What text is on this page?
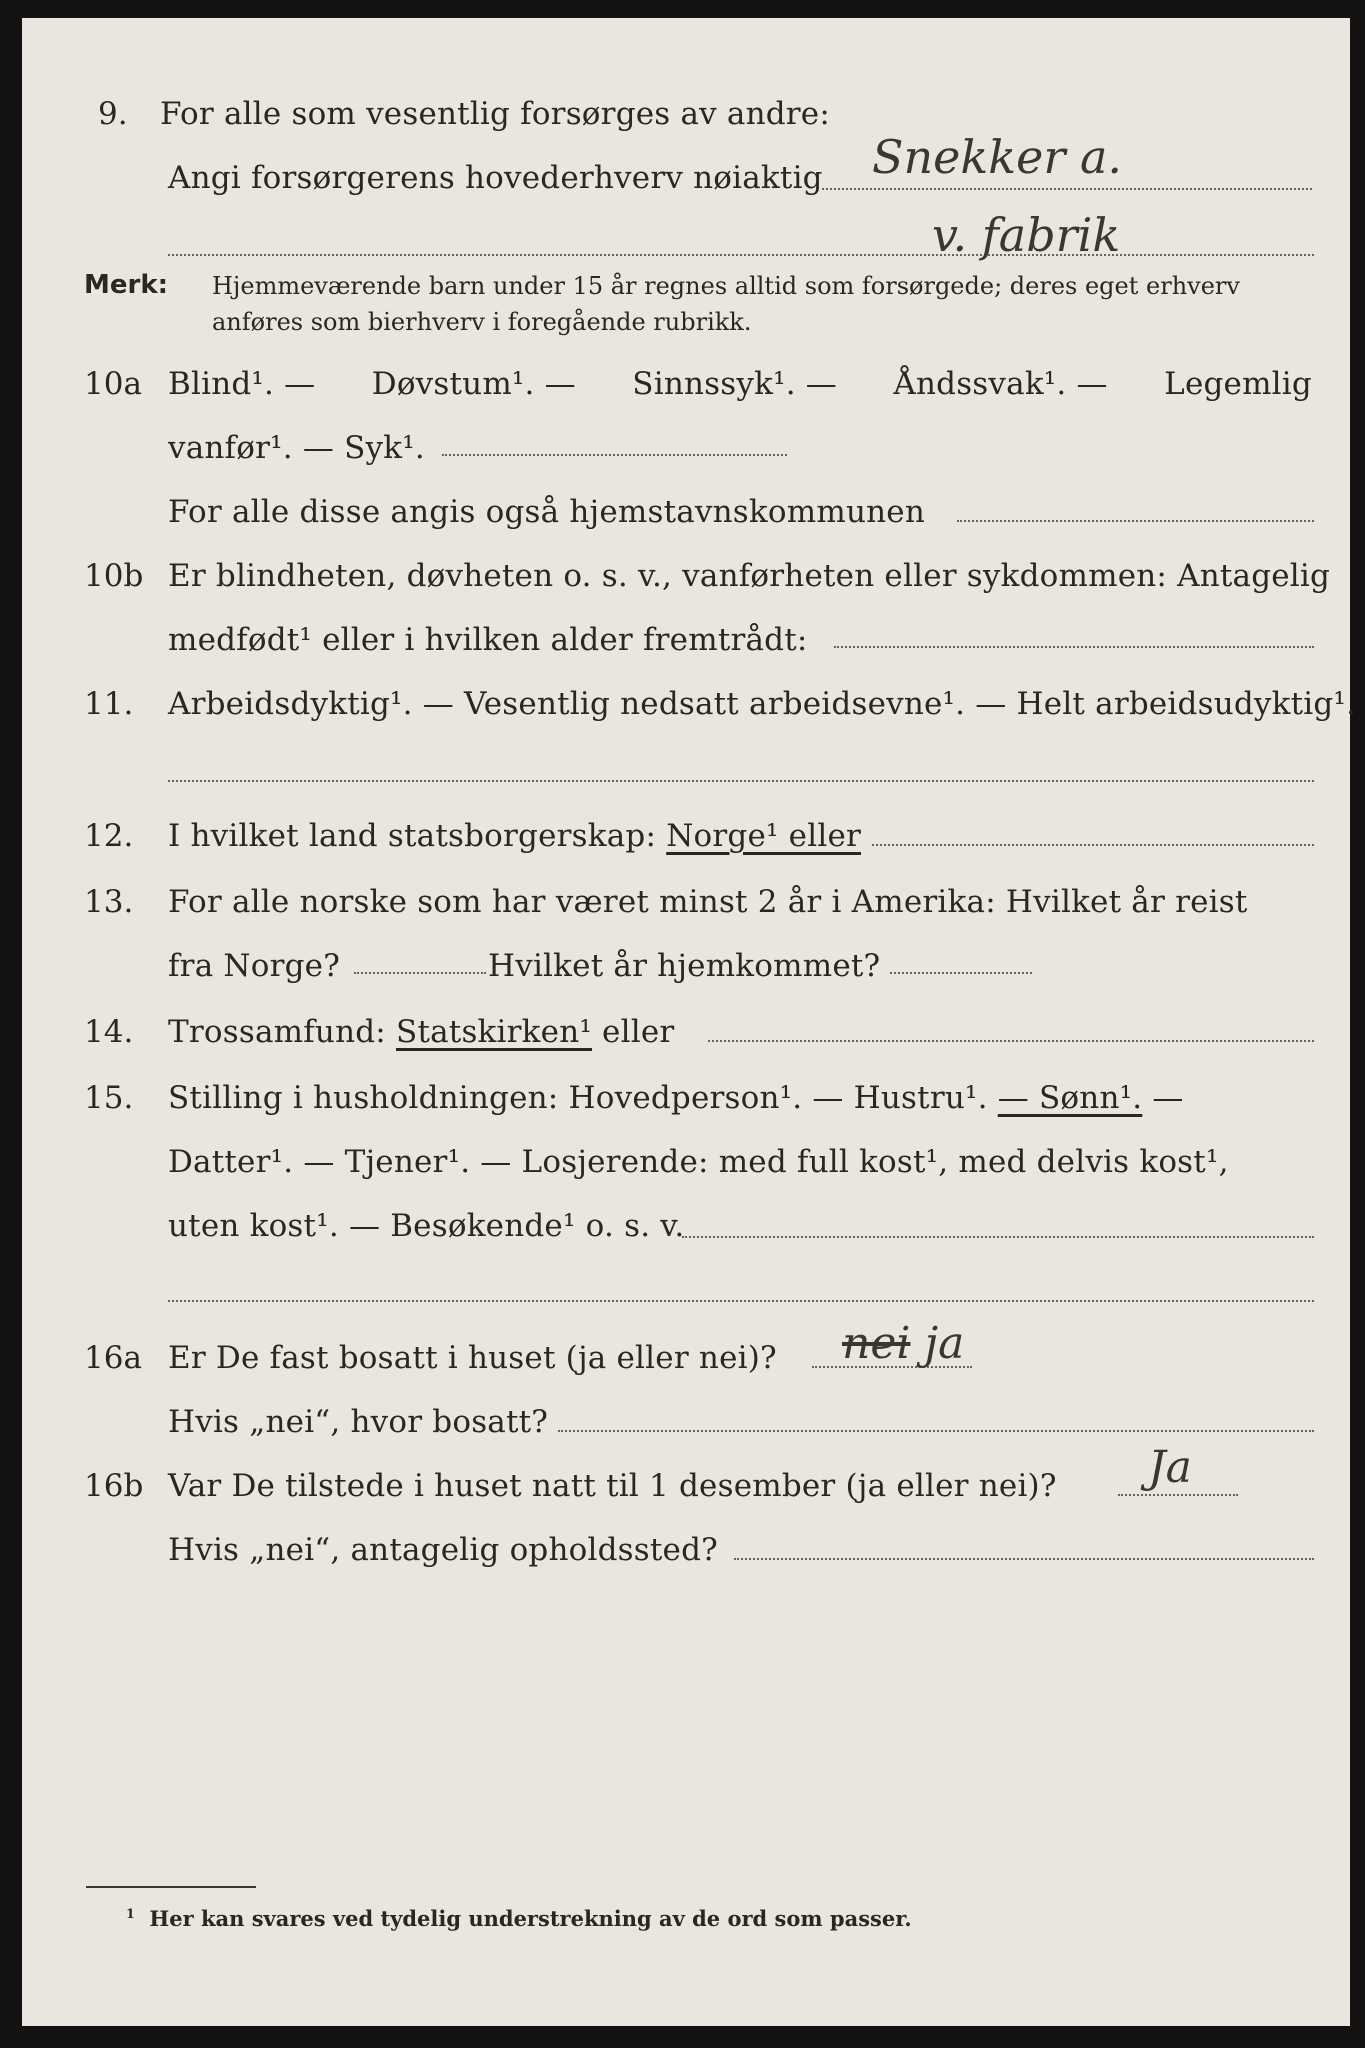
9. For alle som vesentlig forsørges av andre:
Angi forsørgerens hovederhverv nøiaktig Snekker a.
v. fabrik
Merk: Hjemmeværende barn under 15 år regnes alltid som forsørgede; deres eget erhverv
anføres som bierhverv i foregående rubrikk.
10a Blind¹. — Døvstum¹. — Sinnssyk¹. — Åndssvak¹. — Legemlig
vanfør¹. — Syk¹.
For alle disse angis også hjemstavnskommunen
10b Er blindheten, døvheten o. s. v., vanførheten eller sykdommen: Antagelig
medfødt¹ eller i hvilken alder fremtrådt:
11. Arbeidsdyktig¹. — Vesentlig nedsatt arbeidsevne¹. — Helt arbeidsudyktig¹.
12. I hvilket land statsborgerskap: Norge¹ eller
13. For alle norske som har været minst 2 år i Amerika: Hvilket år reist
fra Norge?	Hvilket år hjemkommet?
14. Trossamfund: Statskirken¹ eller
15. Stilling i husholdningen: Hovedperson¹. — Hustru¹. — Sønn¹. —
Datter¹. — Tjener¹. — Losjerende: med full kost¹, med delvis kost¹,
uten kost¹. — Besøkende¹ o. s. v.
16a Er De fast bosatt i huset (ja eller nei)? nei ja
Hvis „nei“, hvor bosatt?
16b Var De tilstede i huset natt til 1 desember (ja eller nei)? Ja
Hvis „nei“, antagelig opholdssted?
$^1$ Her kan svares ved tydelig understrekning av de ord som passer.
